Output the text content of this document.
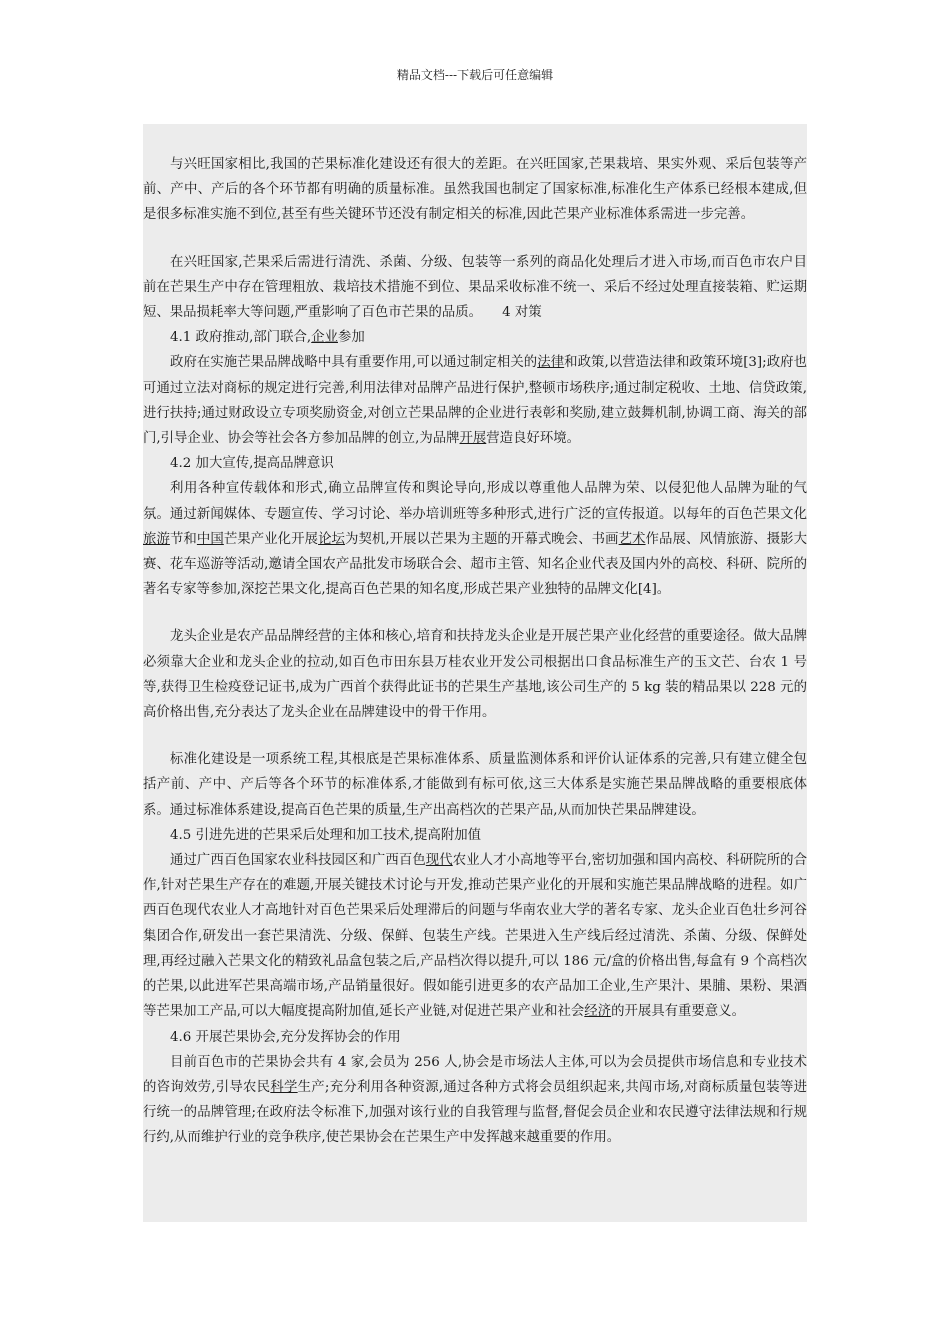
精品文档---下载后可任意编辑

与兴旺国家相比,我国的芒果标准化建设还有很大的差距。在兴旺国家,芒果栽培、果实外观、采后包装等产前、产中、产后的各个环节都有明确的质量标准。虽然我国也制定了国家标准,标准化生产体系已经根本建成,但是很多标准实施不到位,甚至有些关键环节还没有制定相关的标准,因此芒果产业标准体系需进一步完善。

在兴旺国家,芒果采后需进行清洗、杀菌、分级、包装等一系列的商品化处理后才进入市场,而百色市农户目前在芒果生产中存在管理粗放、栽培技术措施不到位、果品采收标准不统一、采后不经过处理直接装箱、贮运期短、果品损耗率大等问题,严重影响了百色市芒果的品质。　　4 对策

4.1 政府推动,部门联合,企业参加

政府在实施芒果品牌战略中具有重要作用,可以通过制定相关的法律和政策,以营造法律和政策环境[3];政府也可通过立法对商标的规定进行完善,利用法律对品牌产品进行保护,整顿市场秩序;通过制定税收、土地、信贷政策,进行扶持;通过财政设立专项奖励资金,对创立芒果品牌的企业进行表彰和奖励,建立鼓舞机制,协调工商、海关的部门,引导企业、协会等社会各方参加品牌的创立,为品牌开展营造良好环境。

4.2 加大宣传,提高品牌意识

利用各种宣传载体和形式,确立品牌宣传和舆论导向,形成以尊重他人品牌为荣、以侵犯他人品牌为耻的气氛。通过新闻媒体、专题宣传、学习讨论、举办培训班等多种形式,进行广泛的宣传报道。以每年的百色芒果文化旅游节和中国芒果产业化开展论坛为契机,开展以芒果为主题的开幕式晚会、书画艺术作品展、风情旅游、摄影大赛、花车巡游等活动,邀请全国农产品批发市场联合会、超市主管、知名企业代表及国内外的高校、科研、院所的著名专家等参加,深挖芒果文化,提高百色芒果的知名度,形成芒果产业独特的品牌文化[4]。

龙头企业是农产品品牌经营的主体和核心,培育和扶持龙头企业是开展芒果产业化经营的重要途径。做大品牌必须靠大企业和龙头企业的拉动,如百色市田东县万桂农业开发公司根据出口食品标准生产的玉文芒、台农 1 号等,获得卫生检疫登记证书,成为广西首个获得此证书的芒果生产基地,该公司生产的 5 kg 装的精品果以 228 元的高价格出售,充分表达了龙头企业在品牌建设中的骨干作用。

标准化建设是一项系统工程,其根底是芒果标准体系、质量监测体系和评价认证体系的完善,只有建立健全包括产前、产中、产后等各个环节的标准体系,才能做到有标可依,这三大体系是实施芒果品牌战略的重要根底体系。通过标准体系建设,提高百色芒果的质量,生产出高档次的芒果产品,从而加快芒果品牌建设。

4.5 引进先进的芒果采后处理和加工技术,提高附加值

通过广西百色国家农业科技园区和广西百色现代农业人才小高地等平台,密切加强和国内高校、科研院所的合作,针对芒果生产存在的难题,开展关键技术讨论与开发,推动芒果产业化的开展和实施芒果品牌战略的进程。如广西百色现代农业人才高地针对百色芒果采后处理滞后的问题与华南农业大学的著名专家、龙头企业百色壮乡河谷集团合作,研发出一套芒果清洗、分级、保鲜、包装生产线。芒果进入生产线后经过清洗、杀菌、分级、保鲜处理,再经过融入芒果文化的精致礼品盒包装之后,产品档次得以提升,可以 186 元/盒的价格出售,每盒有 9 个高档次的芒果,以此进军芒果高端市场,产品销量很好。假如能引进更多的农产品加工企业,生产果汁、果脯、果粉、果酒等芒果加工产品,可以大幅度提高附加值,延长产业链,对促进芒果产业和社会经济的开展具有重要意义。

4.6 开展芒果协会,充分发挥协会的作用

目前百色市的芒果协会共有 4 家,会员为 256 人,协会是市场法人主体,可以为会员提供市场信息和专业技术的咨询效劳,引导农民科学生产;充分利用各种资源,通过各种方式将会员组织起来,共闯市场,对商标质量包装等进行统一的品牌管理;在政府法令标准下,加强对该行业的自我管理与监督,督促会员企业和农民遵守法律法规和行规行约,从而维护行业的竞争秩序,使芒果协会在芒果生产中发挥越来越重要的作用。
